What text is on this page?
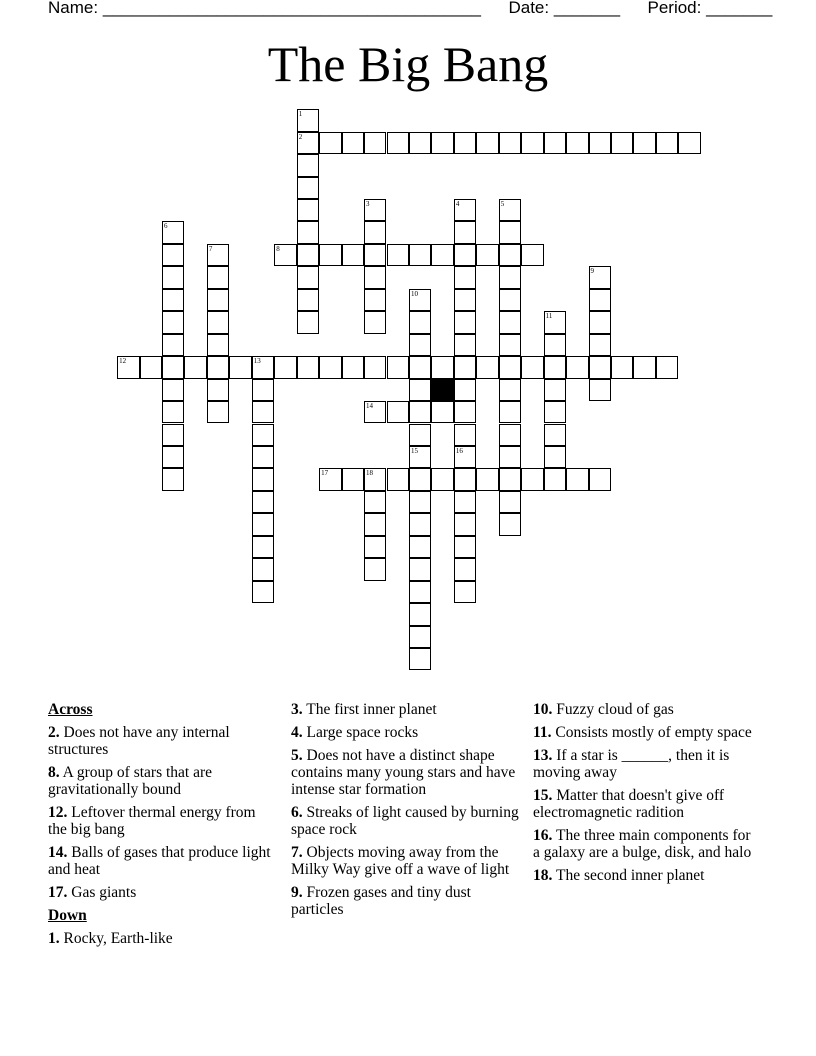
Name: ________________________________________ Date: _______ Period: _______
The Big Bang
1
2
3	4	5
6
7	8
9
10
11
12	13
14
15	16
17	18
Across
2. Does not have any internal structures
8. A group of stars that are gravitationally bound
12. Leftover thermal energy from the big bang
14. Balls of gases that produce light and heat
17. Gas giants
Down
1. Rocky, Earth-like
3. The first inner planet
4. Large space rocks
5. Does not have a distinct shape contains many young stars and have intense star formation
6. Streaks of light caused by burning space rock
7. Objects moving away from the Milky Way give off a wave of light
9. Frozen gases and tiny dust particles
10. Fuzzy cloud of gas
11. Consists mostly of empty space
13. If a star is ______, then it is moving away
15. Matter that doesn't give off electromagnetic radition
16. The three main components for a galaxy are a bulge, disk, and halo
18. The second inner planet
